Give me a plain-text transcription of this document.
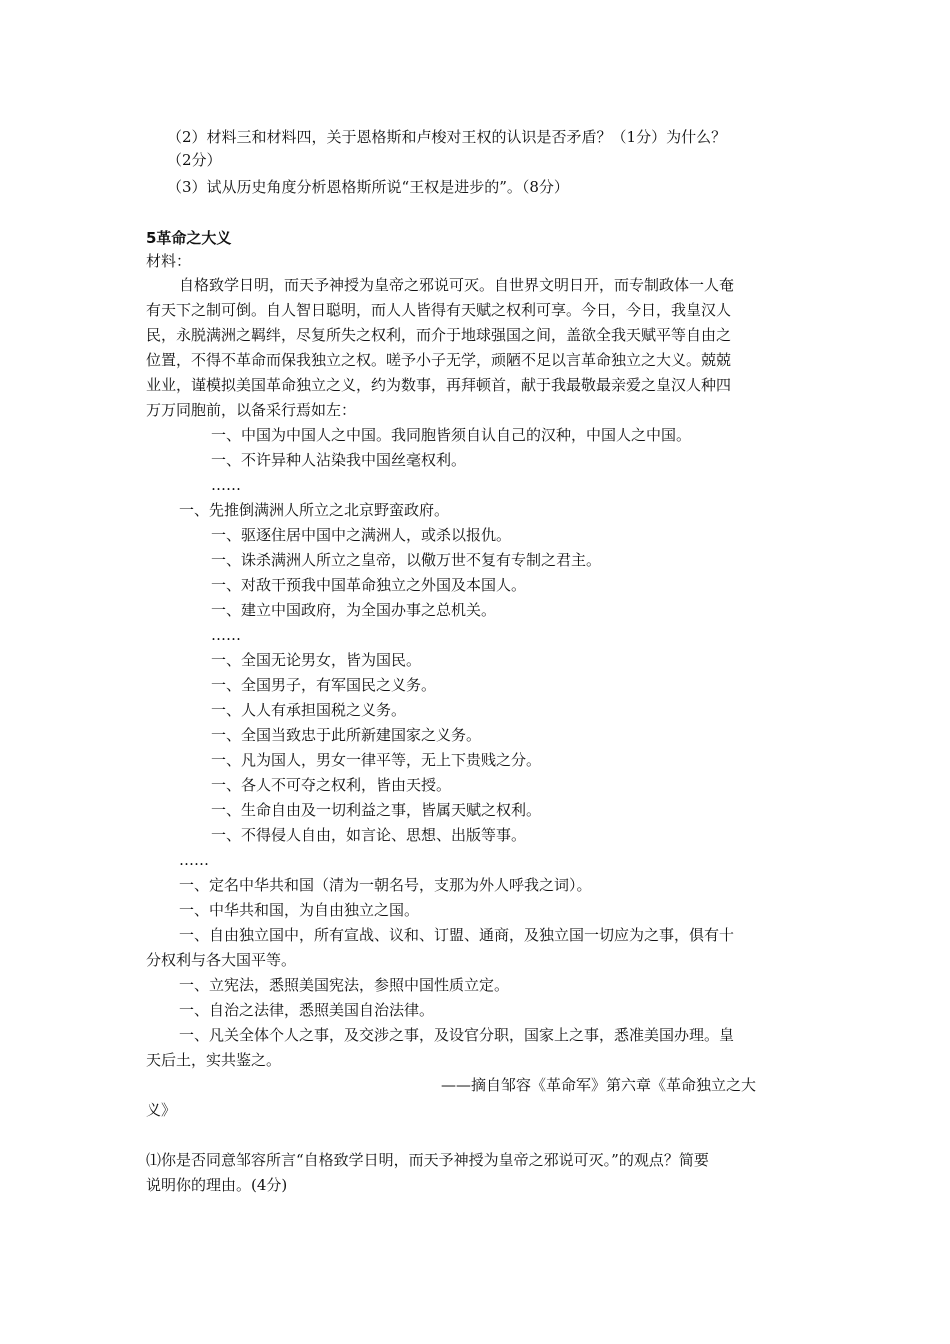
（2）材料三和材料四，关于恩格斯和卢梭对王权的认识是否矛盾？（1分）为什么？
（2分）
（3）试从历史角度分析恩格斯所说“王权是进步的”。（8分）
5革命之大义
材料：
自格致学日明，而天予神授为皇帝之邪说可灭。自世界文明日开，而专制政体一人奄
有天下之制可倒。自人智日聪明，而人人皆得有天赋之权利可享。今日，今日，我皇汉人
民，永脱满洲之羁绊，尽复所失之权利，而介于地球强国之间，盖欲全我天赋平等自由之
位置，不得不革命而保我独立之权。嗟予小子无学，顽陋不足以言革命独立之大义。兢兢
业业，谨模拟美国革命独立之义，约为数事，再拜顿首，献于我最敬最亲爱之皇汉人种四
万万同胞前，以备采行焉如左：
一、中国为中国人之中国。我同胞皆须自认自己的汉种，中国人之中国。
一、不许异种人沾染我中国丝毫权利。
……
一、先推倒满洲人所立之北京野蛮政府。
一、驱逐住居中国中之满洲人，或杀以报仇。
一、诛杀满洲人所立之皇帝，以儆万世不复有专制之君主。
一、对敌干预我中国革命独立之外国及本国人。
一、建立中国政府，为全国办事之总机关。
……
一、全国无论男女，皆为国民。
一、全国男子，有军国民之义务。
一、人人有承担国税之义务。
一、全国当致忠于此所新建国家之义务。
一、凡为国人，男女一律平等，无上下贵贱之分。
一、各人不可夺之权利，皆由天授。
一、生命自由及一切利益之事，皆属天赋之权利。
一、不得侵人自由，如言论、思想、出版等事。
……
一、定名中华共和国（清为一朝名号，支那为外人呼我之词）。
一、中华共和国，为自由独立之国。
一、自由独立国中，所有宣战、议和、订盟、通商，及独立国一切应为之事，俱有十
分权利与各大国平等。
一、立宪法，悉照美国宪法，参照中国性质立定。
一、自治之法律，悉照美国自治法律。
一、凡关全体个人之事，及交涉之事，及设官分职，国家上之事，悉准美国办理。皇
天后土，实共鉴之。
——摘自邹容《革命军》第六章《革命独立之大
义》
⑴你是否同意邹容所言“自格致学日明，而天予神授为皇帝之邪说可灭。”的观点？简要
说明你的理由。(4分)
